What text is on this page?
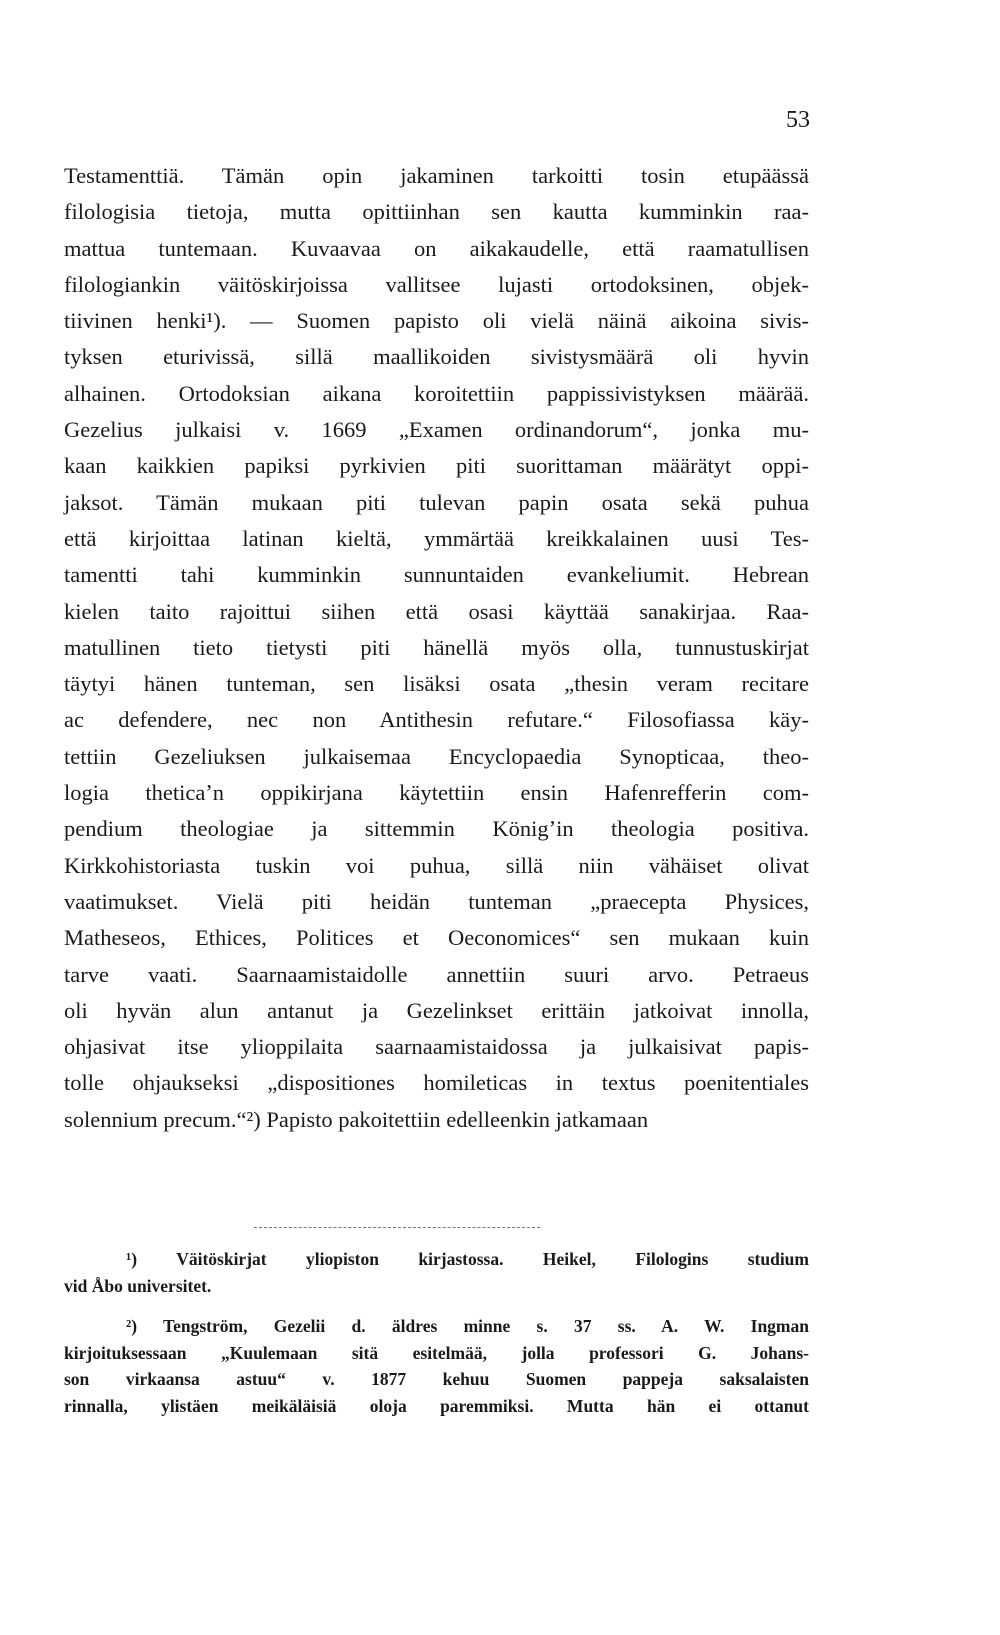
53
Testamenttiä. Tämän opin jakaminen tarkoitti tosin etupäässä
filologisia tietoja, mutta opittiinhan sen kautta kumminkin raa-
mattua tuntemaan. Kuvaavaa on aikakaudelle, että raamatullisen
filologiankin väitöskirjoissa vallitsee lujasti ortodoksinen, objek-
tiivinen henki¹). — Suomen papisto oli vielä näinä aikoina sivis-
tyksen eturivissä, sillä maallikoiden sivistysmäärä oli hyvin
alhainen. Ortodoksian aikana koroitettiin pappissivistyksen määrää.
Gezelius julkaisi v. 1669 „Examen ordinandorum“, jonka mu-
kaan kaikkien papiksi pyrkivien piti suorittaman määrätyt oppi-
jaksot. Tämän mukaan piti tulevan papin osata sekä puhua
että kirjoittaa latinan kieltä, ymmärtää kreikkalainen uusi Tes-
tamentti tahi kumminkin sunnuntaiden evankeliumit. Hebrean
kielen taito rajoittui siihen että osasi käyttää sanakirjaa. Raa-
matullinen tieto tietysti piti hänellä myös olla, tunnustuskirjat
täytyi hänen tunteman, sen lisäksi osata „thesin veram recitare
ac defendere, nec non Antithesin refutare.“ Filosofiassa käy-
tettiin Gezeliuksen julkaisemaa Encyclopaedia Synopticaa, theo-
logia theticaʼn oppikirjana käytettiin ensin Hafenrefferin com-
pendium theologiae ja sittemmin Königʼin theologia positiva.
Kirkkohistoriasta tuskin voi puhua, sillä niin vähäiset olivat
vaatimukset. Vielä piti heidän tunteman „praecepta Physices,
Matheseos, Ethices, Politices et Oeconomices“ sen mukaan kuin
tarve vaati. Saarnaamistaidolle annettiin suuri arvo. Petraeus
oli hyvän alun antanut ja Gezelinkset erittäin jatkoivat innolla,
ohjasivat itse ylioppilaita saarnaamistaidossa ja julkaisivat papis-
tolle ohjaukseksi „dispositiones homileticas in textus poenitentiales
solennium precum.“²) Papisto pakoitettiin edelleenkin jatkamaan
¹) Väitöskirjat yliopiston kirjastossa. Heikel, Filologins studium
vid Åbo universitet.
²) Tengström, Gezelii d. äldres minne s. 37 ss. A. W. Ingman
kirjoituksessaan „Kuulemaan sitä esitelmää, jolla professori G. Johans-
son virkaansa astuu“ v. 1877 kehuu Suomen pappeja saksalaisten
rinnalla, ylistäen meikäläisiä oloja paremmiksi. Mutta hän ei ottanut
